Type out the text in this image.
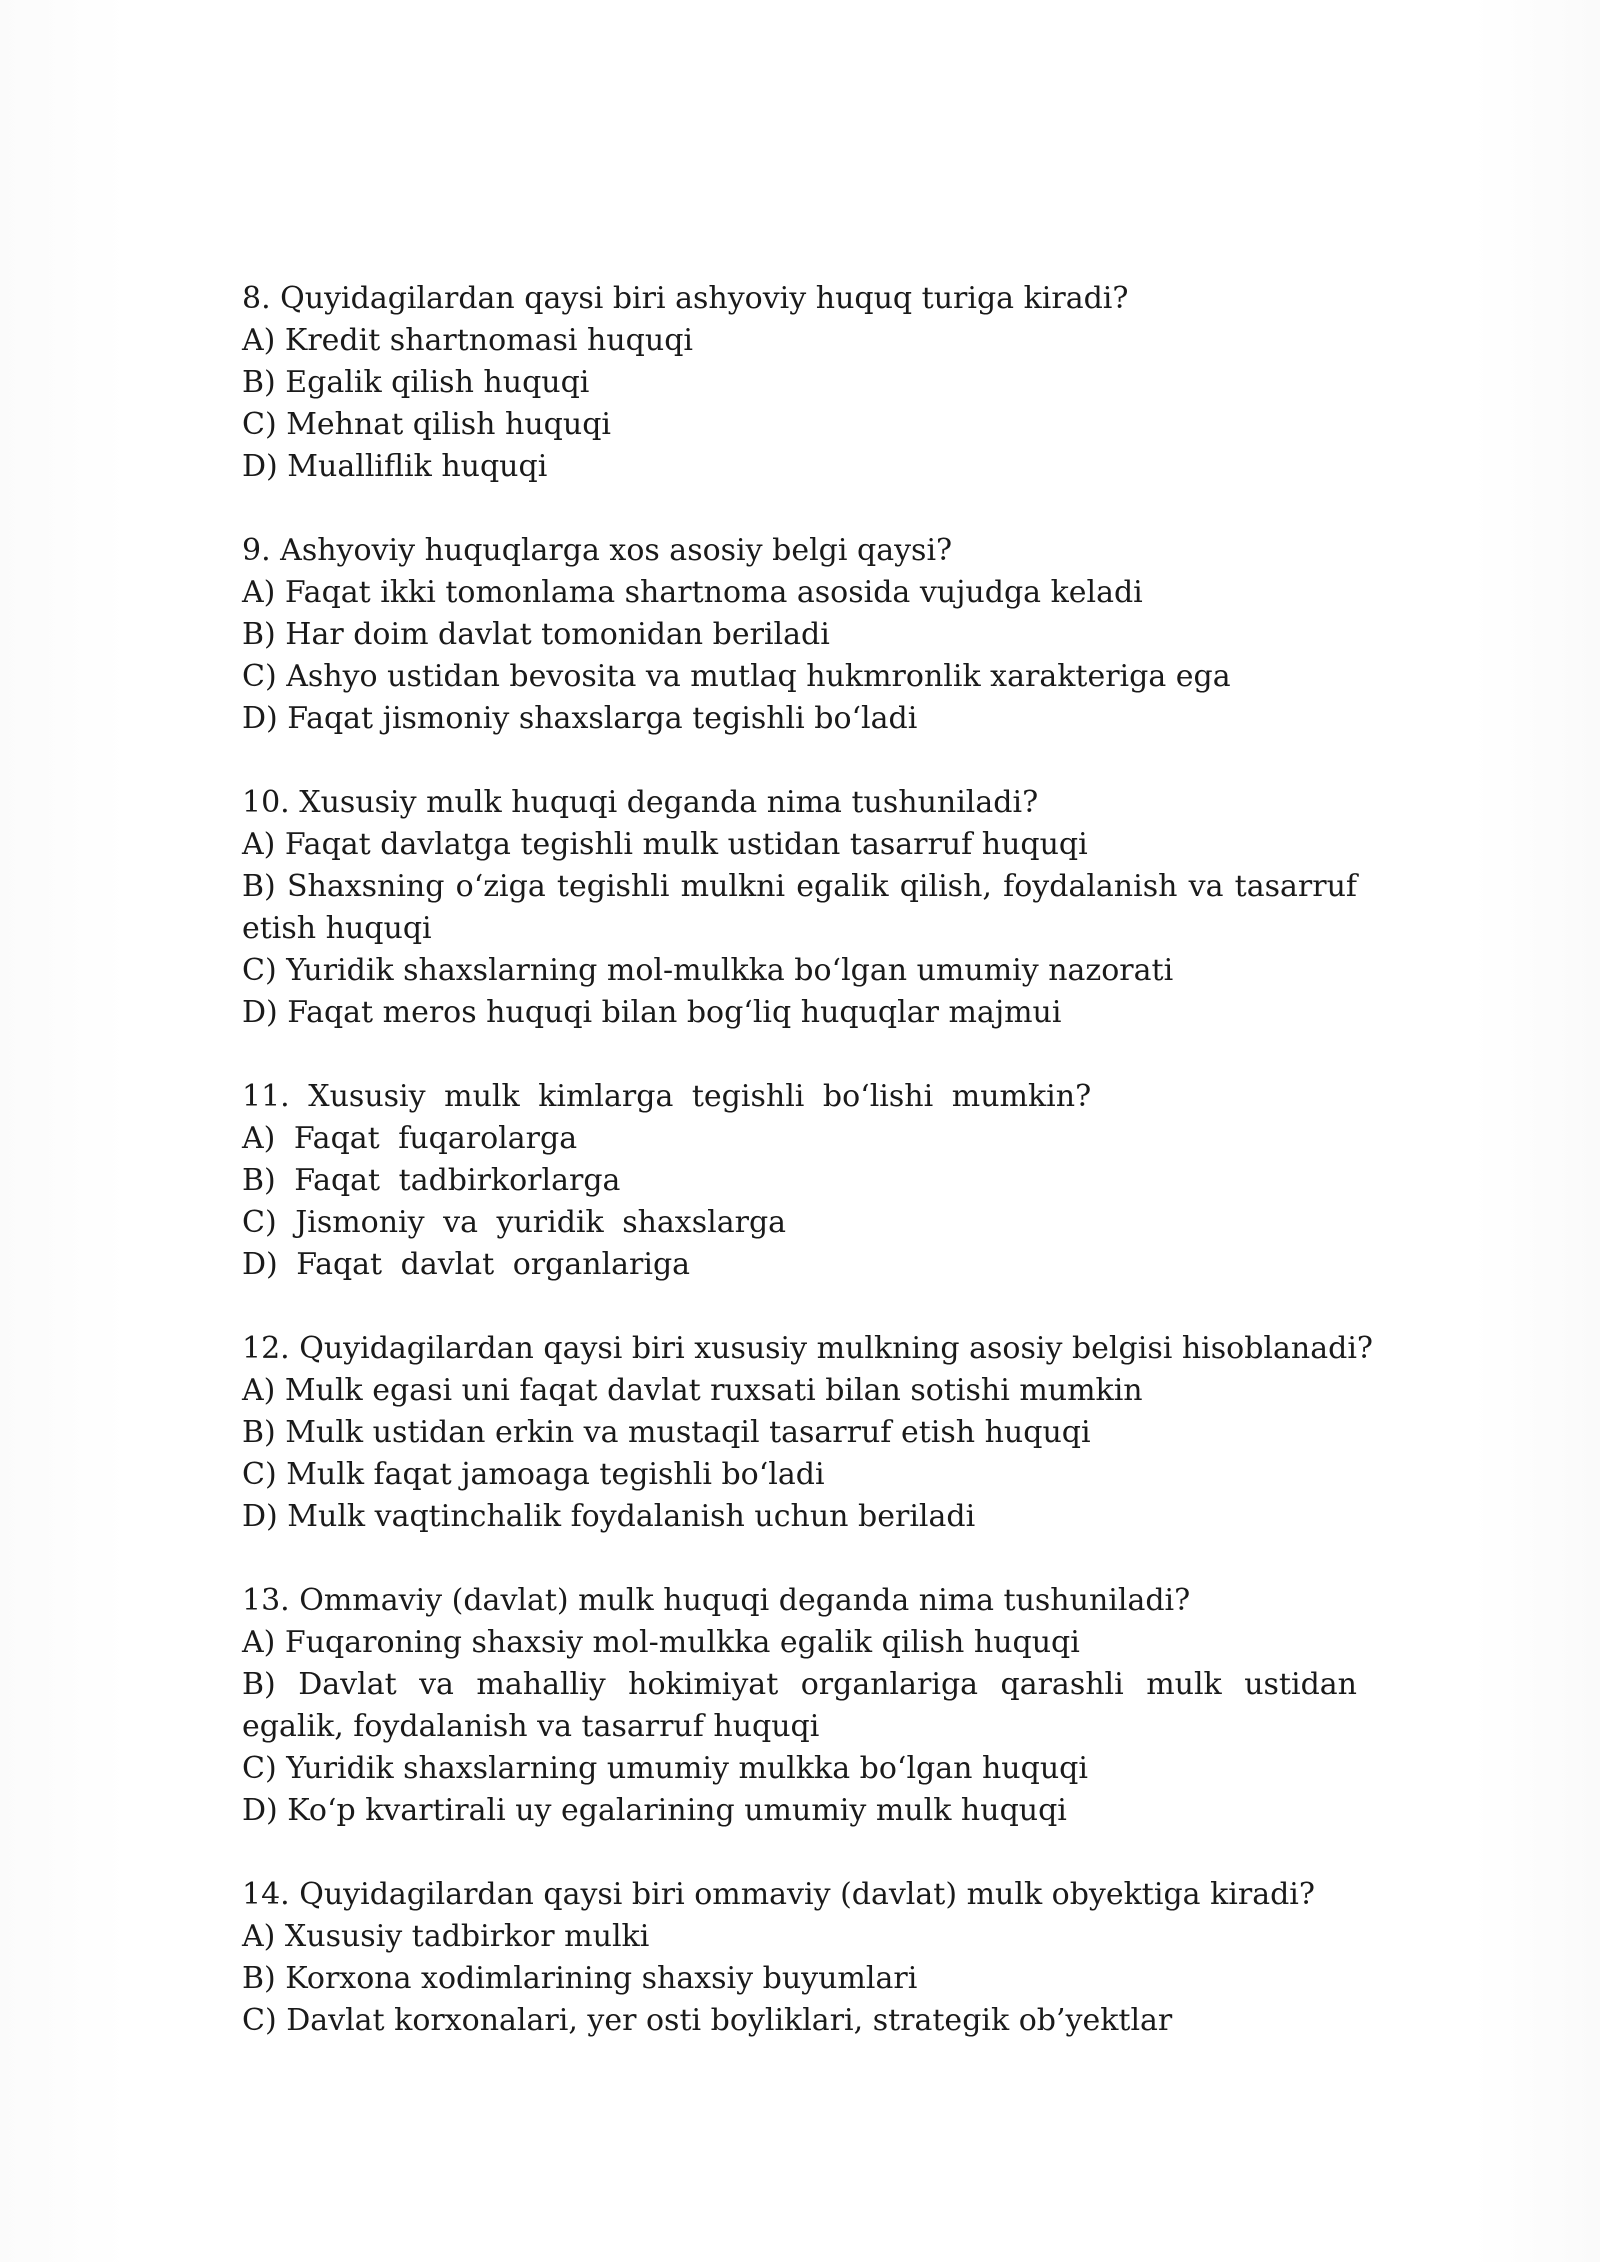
8. Quyidagilardan qaysi biri ashyoviy huquq turiga kiradi?
A) Kredit shartnomasi huquqi
B) Egalik qilish huquqi
C) Mehnat qilish huquqi
D) Mualliflik huquqi
9. Ashyoviy huquqlarga xos asosiy belgi qaysi?
A) Faqat ikki tomonlama shartnoma asosida vujudga keladi
B) Har doim davlat tomonidan beriladi
C) Ashyo ustidan bevosita va mutlaq hukmronlik xarakteriga ega
D) Faqat jismoniy shaxslarga tegishli bo‘ladi
10. Xususiy mulk huquqi deganda nima tushuniladi?
A) Faqat davlatga tegishli mulk ustidan tasarruf huquqi
B) Shaxsning o‘ziga tegishli mulkni egalik qilish, foydalanish va tasarruf etish huquqi
C) Yuridik shaxslarning mol-mulkka bo‘lgan umumiy nazorati
D) Faqat meros huquqi bilan bog‘liq huquqlar majmui
11. Xususiy mulk kimlarga tegishli bo‘lishi mumkin?
A) Faqat fuqarolarga
B) Faqat tadbirkorlarga
C) Jismoniy va yuridik shaxslarga
D) Faqat davlat organlariga
12. Quyidagilardan qaysi biri xususiy mulkning asosiy belgisi hisoblanadi?
A) Mulk egasi uni faqat davlat ruxsati bilan sotishi mumkin
B) Mulk ustidan erkin va mustaqil tasarruf etish huquqi
C) Mulk faqat jamoaga tegishli bo‘ladi
D) Mulk vaqtinchalik foydalanish uchun beriladi
13. Ommaviy (davlat) mulk huquqi deganda nima tushuniladi?
A) Fuqaroning shaxsiy mol-mulkka egalik qilish huquqi
B) Davlat va mahalliy hokimiyat organlariga qarashli mulk ustidan egalik, foydalanish va tasarruf huquqi
C) Yuridik shaxslarning umumiy mulkka bo‘lgan huquqi
D) Ko‘p kvartirali uy egalarining umumiy mulk huquqi
14. Quyidagilardan qaysi biri ommaviy (davlat) mulk obyektiga kiradi?
A) Xususiy tadbirkor mulki
B) Korxona xodimlarining shaxsiy buyumlari
C) Davlat korxonalari, yer osti boyliklari, strategik ob’yektlar
